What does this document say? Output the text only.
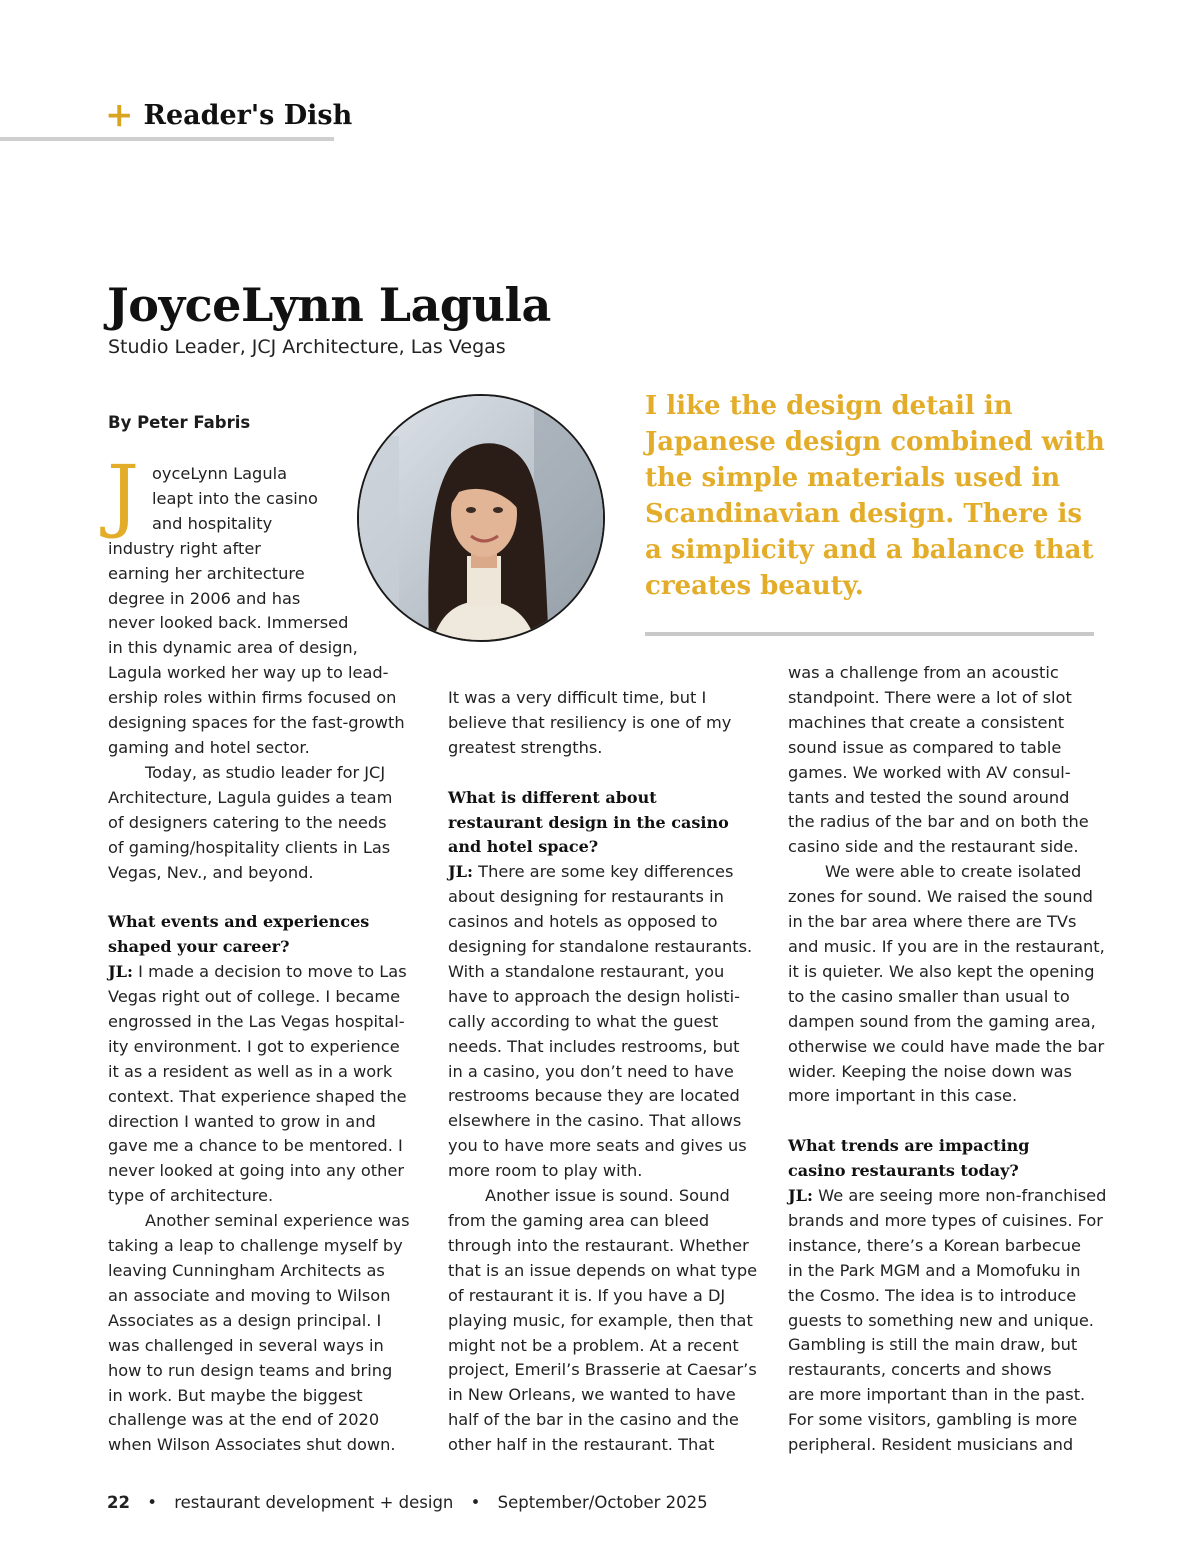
+ Reader's Dish
JoyceLynn Lagula
Studio Leader, JCJ Architecture, Las Vegas
By Peter Fabris
I like the design detail in Japanese design combined with the simple materials used in Scandinavian design. There is a simplicity and a balance that creates beauty.
J oyceLynn Lagula
leapt into the casino
and hospitality
industry right after
earning her architecture
degree in 2006 and has
never looked back. Immersed
in this dynamic area of design,
Lagula worked her way up to lead-
ership roles within firms focused on
designing spaces for the fast-growth
gaming and hotel sector.
Today, as studio leader for JCJ
Architecture, Lagula guides a team
of designers catering to the needs
of gaming/hospitality clients in Las
Vegas, Nev., and beyond.
What events and experiences
shaped your career?
JL: I made a decision to move to Las
Vegas right out of college. I became
engrossed in the Las Vegas hospital-
ity environment. I got to experience
it as a resident as well as in a work
context. That experience shaped the
direction I wanted to grow in and
gave me a chance to be mentored. I
never looked at going into any other
type of architecture.
Another seminal experience was
taking a leap to challenge myself by
leaving Cunningham Architects as
an associate and moving to Wilson
Associates as a design principal. I
was challenged in several ways in
how to run design teams and bring
in work. But maybe the biggest
challenge was at the end of 2020
when Wilson Associates shut down.
It was a very difficult time, but I
believe that resiliency is one of my
greatest strengths.
What is different about
restaurant design in the casino
and hotel space?
JL: There are some key differences
about designing for restaurants in
casinos and hotels as opposed to
designing for standalone restaurants.
With a standalone restaurant, you
have to approach the design holisti-
cally according to what the guest
needs. That includes restrooms, but
in a casino, you don’t need to have
restrooms because they are located
elsewhere in the casino. That allows
you to have more seats and gives us
more room to play with.
Another issue is sound. Sound
from the gaming area can bleed
through into the restaurant. Whether
that is an issue depends on what type
of restaurant it is. If you have a DJ
playing music, for example, then that
might not be a problem. At a recent
project, Emeril’s Brasserie at Caesar’s
in New Orleans, we wanted to have
half of the bar in the casino and the
other half in the restaurant. That
was a challenge from an acoustic
standpoint. There were a lot of slot
machines that create a consistent
sound issue as compared to table
games. We worked with AV consul-
tants and tested the sound around
the radius of the bar and on both the
casino side and the restaurant side.
We were able to create isolated
zones for sound. We raised the sound
in the bar area where there are TVs
and music. If you are in the restaurant,
it is quieter. We also kept the opening
to the casino smaller than usual to
dampen sound from the gaming area,
otherwise we could have made the bar
wider. Keeping the noise down was
more important in this case.
What trends are impacting
casino restaurants today?
JL: We are seeing more non-franchised
brands and more types of cuisines. For
instance, there’s a Korean barbecue
in the Park MGM and a Momofuku in
the Cosmo. The idea is to introduce
guests to something new and unique.
Gambling is still the main draw, but
restaurants, concerts and shows
are more important than in the past.
For some visitors, gambling is more
peripheral. Resident musicians and
22 • restaurant development + design • September/October 2025
